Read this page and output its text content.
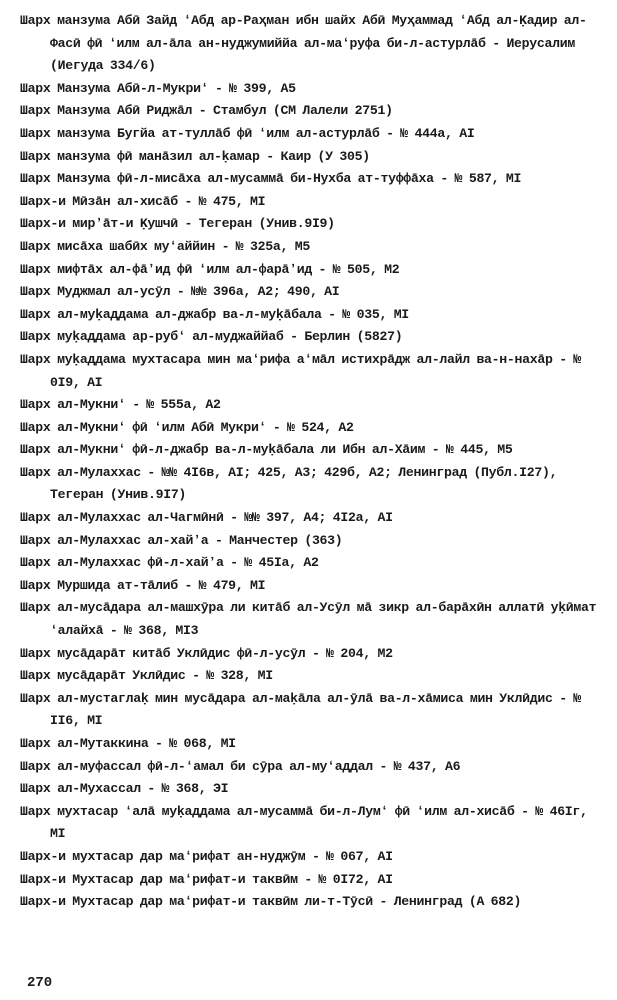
Шарх манзума Абӣ Зайд ʻАбд ар-Раҳман ибн шайх Абӣ Муҳаммад ʻАбд ал-Ḳадир ал-Фасӣ фӣ ʻилм ал-āла ан-нуджумиййа ал-маʻруфа би-л-астурлāб - Иерусалим (Иегуда 334/6)
Шарх Манзума Абӣ-л-Мукриʻ - № 399, А5
Шарх Манзума Абӣ Риджāл - Стамбул (СМ Лалели 2751)
Шарх манзума Бугйа ат-туллāб фӣ ʻилм ал-астурлāб - № 444а, АI
Шарх манзума фӣ манāзил ал-ḳамар - Каир (У 305)
Шарх Манзума фӣ-л-мисāха ал-мусаммā би-Нухба ат-туффāха - № 587, МI
Шарх-и Мӣзāн ал-хисāб - № 475, МI
Шарх-и мирʼāт-и Ḳушчӣ - Тегеран (Унив.9I9)
Шарх мисāха шабӣх муʻаййин - № 325а, М5
Шарх мифтāх ал-фāʼид фӣ ʻилм ал-фарāʼид - № 505, М2
Шарх Муджмал ал-усӯл - №№ 396а, А2; 490, АI
Шарх ал-муḳаддама ал-джабр ва-л-муḳāбала - № 035, МI
Шарх муḳаддама ар-рубʻ ал-муджаййаб - Берлин (5827)
Шарх муḳаддама мухтасара мин маʻрифа аʻмāл истихрāдж ал-лайл ва-н-нахāр - № 0I9, АI
Шарх ал-Мукниʻ - № 555а, А2
Шарх ал-Мукниʻ фӣ ʻилм Абӣ Мукриʻ - № 524, А2
Шарх ал-Мукниʻ фӣ-л-джабр ва-л-муḳāбала ли Ибн ал-Хāим - № 445, М5
Шарх ал-Мулаххас - №№ 4I6в, АI; 425, А3; 429б, А2; Ленинград (Публ.I27), Тегеран (Унив.9I7)
Шарх ал-Мулаххас ал-Чагмӣнӣ - №№ 397, А4; 4I2а, АI
Шарх ал-Мулаххас ал-хайʼа - Манчестер (363)
Шарх ал-Мулаххас фӣ-л-хайʼа - № 45Iа, А2
Шарх Муршида ат-тāлиб - № 479, МI
Шарх ал-мусāдара ал-машхӯра ли китāб ал-Усӯл мā зикр ал-барāхӣн аллатӣ уḳӣмат ʻалайхā - № 368, МI3
Шарх мусāдарāт китāб Уклӣдис фӣ-л-усӯл - № 204, М2
Шарх мусāдарāт Уклӣдис - № 328, МI
Шарх ал-мустаглаḳ мин мусāдара ал-маḳāла ал-ӯлā ва-л-хāмиса мин Уклӣдис - № II6, МI
Шарх ал-Мутаккина - № 068, МI
Шарх ал-муфассал фӣ-л-ʻамал би сӯра ал-муʻаддал - № 437, А6
Шарх ал-Мухассал - № 368, ЭI
Шарх мухтасар ʻалā муḳаддама ал-мусаммā би-л-Лумʻ фӣ ʻилм ал-хисāб - № 46Iг, МI
Шарх-и мухтасар дар маʻрифат ан-нуджӯм - № 067, АI
Шарх-и Мухтасар дар маʻрифат-и таквӣм - № 0I72, АI
Шарх-и Мухтасар дар маʻрифат-и таквӣм ли-т-Тӯсӣ - Ленинград (А 682)
270
